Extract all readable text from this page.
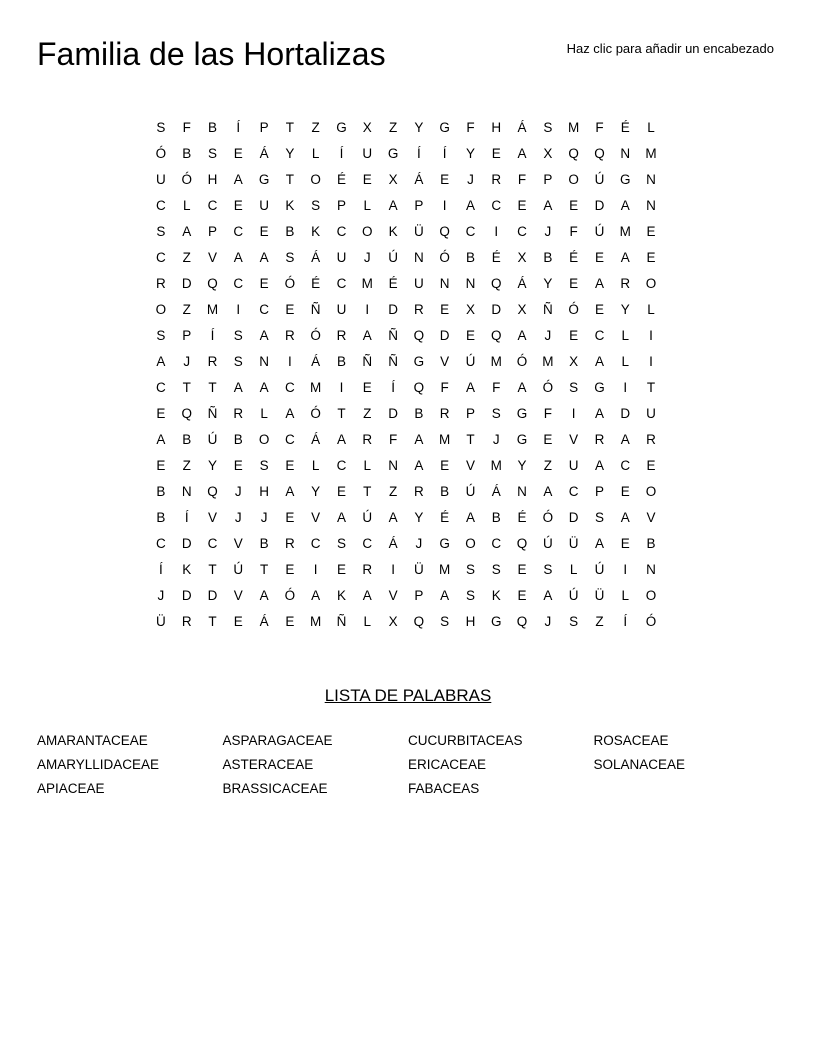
Familia de las Hortalizas	Haz clic para añadir un encabezado
S	F	B	Í	P	T	Z	G	X	Z	Y	G	F	H	Á	S	M	F	É	L
Ó	B	S	E	Á	Y	L	Í	U	G	Í	Í	Y	E	A	X	Q	Q	N	M
U	Ó	H	A	G	T	O	É	E	X	Á	E	J	R	F	P	O	Ú	G	N
C	L	C	E	U	K	S	P	L	A	P	I	A	C	E	A	E	D	A	N
S	A	P	C	E	B	K	C	O	K	Ü	Q	C	I	C	J	F	Ú	M	E
C	Z	V	A	A	S	Á	U	J	Ú	N	Ó	B	É	X	B	É	E	A	E
R	D	Q	C	E	Ó	É	C	M	É	U	N	N	Q	Á	Y	E	A	R	O
O	Z	M	I	C	E	Ñ	U	I	D	R	E	X	D	X	Ñ	Ó	E	Y	L
S	P	Í	S	A	R	Ó	R	A	Ñ	Q	D	E	Q	A	J	E	C	L	I
A	J	R	S	N	I	Á	B	Ñ	Ñ	G	V	Ú	M	Ó	M	X	A	L	I
C	T	T	A	A	C	M	I	E	Í	Q	F	A	F	A	Ó	S	G	I	T
E	Q	Ñ	R	L	A	Ó	T	Z	D	B	R	P	S	G	F	I	A	D	U
A	B	Ú	B	O	C	Á	A	R	F	A	M	T	J	G	E	V	R	A	R
E	Z	Y	E	S	E	L	C	L	N	A	E	V	M	Y	Z	U	A	C	E
B	N	Q	J	H	A	Y	E	T	Z	R	B	Ú	Á	N	A	C	P	E	O
B	Í	V	J	J	E	V	A	Ú	A	Y	É	A	B	É	Ó	D	S	A	V
C	D	C	V	B	R	C	S	C	Á	J	G	O	C	Q	Ú	Ü	A	E	B
Í	K	T	Ú	T	E	I	E	R	I	Ü	M	S	S	E	S	L	Ú	I	N
J	D	D	V	A	Ó	A	K	A	V	P	A	S	K	E	A	Ú	Ü	L	O
Ü	R	T	E	Á	E	M	Ñ	L	X	Q	S	H	G	Q	J	S	Z	Í	Ó
LISTA DE PALABRAS
AMARANTACEAE
AMARYLLIDACEAE
APIACEAE
ASPARAGACEAE
ASTERACEAE
BRASSICACEAE
CUCURBITACEAS
ERICACEAE
FABACEAS
ROSACEAE
SOLANACEAE
